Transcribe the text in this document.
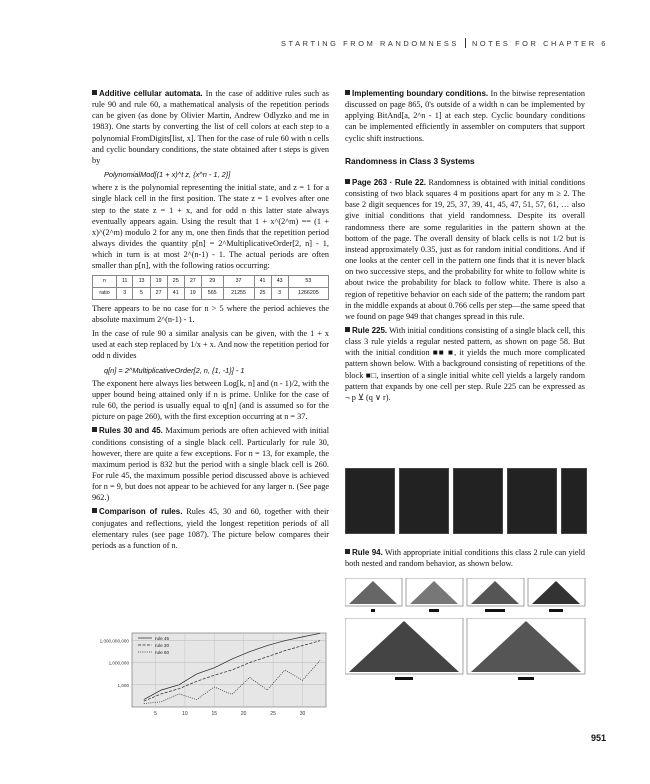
STARTING FROM RANDOMNESS NOTES FOR CHAPTER 6

Additive cellular automata. In the case of additive rules such as rule 90 and rule 60, a mathematical analysis of the repetition periods can be given (as done by Olivier Martin, Andrew Odlyzko and me in 1983). One starts by converting the list of cell colors at each step to a polynomial FromDigits[list, x]. Then for the case of rule 60 with n cells and cyclic boundary conditions, the state obtained after t steps is given by

PolynomialMod[(1 + x)^t z, {x^n - 1, 2}]

where z is the polynomial representing the initial state, and z = 1 for a single black cell in the first position. The state z = 1 evolves after one step to the state z = 1 + x, and for odd n this latter state always eventually appears again. Using the result that 1 + x^(2^m) == (1 + x)^(2^m) modulo 2 for any m, one then finds that the repetition period always divides the quantity p[n] = 2^MultiplicativeOrder[2, n] - 1, which in turn is at most 2^(n-1) - 1. The actual periods are often smaller than p[n], with the following ratios occurring:

n	11	13	19	25	27	29	37	41	43	53
ratio	3	5	27	41	19	565	21255	25	3	1266205

There appears to be no case for n > 5 where the period achieves the absolute maximum 2^(n-1) - 1.

In the case of rule 90 a similar analysis can be given, with the 1 + x used at each step replaced by 1/x + x. And now the repetition period for odd n divides

q[n] = 2^MultiplicativeOrder[2, n, {1, -1}] - 1

The exponent here always lies between Log[k, n] and (n - 1)/2, with the upper bound being attained only if n is prime. Unlike for the case of rule 60, the period is usually equal to q[n] (and is assumed so for the picture on page 260), with the first exception occurring at n = 37.

Rules 30 and 45. Maximum periods are often achieved with initial conditions consisting of a single black cell. Particularly for rule 30, however, there are quite a few exceptions. For n = 13, for example, the maximum period is 832 but the period with a single black cell is 260. For rule 45, the maximum possible period discussed above is achieved for n = 9, but does not appear to be achieved for any larger n. (See page 962.)

Comparison of rules. Rules 45, 30 and 60, together with their conjugates and reflections, yield the longest repetition periods of all elementary rules (see page 1087). The picture below compares their periods as a function of n.

1,000,000,000
1,000,000
1,000
5	10	15	20	25	30
rule 45
rule 30
rule 60

Implementing boundary conditions. In the bitwise representation discussed on page 865, 0's outside of a width n can be implemented by applying BitAnd[a, 2^n - 1] at each step. Cyclic boundary conditions can be implemented efficiently in assembler on computers that support cyclic shift instructions.

Randomness in Class 3 Systems

Page 263 · Rule 22. Randomness is obtained with initial conditions consisting of two black squares 4 m positions apart for any m ≥ 2. The base 2 digit sequences for 19, 25, 37, 39, 41, 45, 47, 51, 57, 61, … also give initial conditions that yield randomness. Despite its overall randomness there are some regularities in the pattern shown at the bottom of the page. The overall density of black cells is not 1/2 but is instead approximately 0.35, just as for random initial conditions. And if one looks at the center cell in the pattern one finds that it is never black on two successive steps, and the probability for white to follow white is about twice the probability for black to follow white. There is also a region of repetitive behavior on each side of the pattern; the random part in the middle expands at about 0.766 cells per step—the same speed that we found on page 949 that changes spread in this rule.

Rule 225. With initial conditions consisting of a single black cell, this class 3 rule yields a regular nested pattern, as shown on page 58. But with the initial condition ■■ ■, it yields the much more complicated pattern shown below. With a background consisting of repetitions of the block ■□, insertion of a single initial white cell yields a largely random pattern that expands by one cell per step. Rule 225 can be expressed as ¬ p ⊻ (q ∨ r).

Rule 94. With appropriate initial conditions this class 2 rule can yield both nested and random behavior, as shown below.

951
